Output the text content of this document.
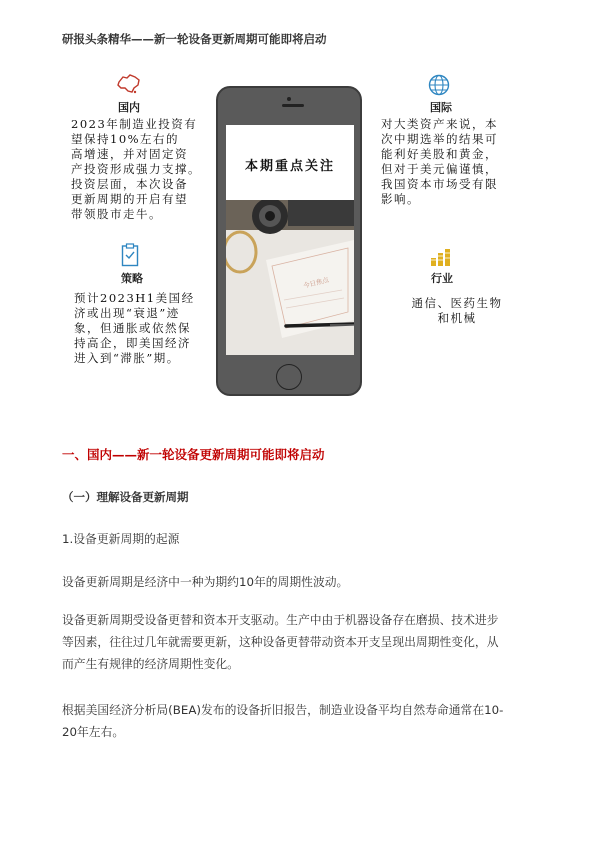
研报头条精华——新一轮设备更新周期可能即将启动
国内
2023年制造业投资有
望保持10%左右的
高增速，并对固定资
产投资形成强力支撑。
投资层面，本次设备
更新周期的开启有望
带领股市走牛。
国际
对大类资产来说，本
次中期选举的结果可
能利好美股和黄金，
但对于美元偏谨慎，
我国资本市场受有限
影响。
策略
预计2023H1美国经
济或出现“衰退”迹
象，但通胀或依然保
持高企，即美国经济
进入到“滞胀”期。
行业
通信、医药生物
和机械
本期重点关注
今日焦点
一、国内——新一轮设备更新周期可能即将启动
（一）理解设备更新周期
1.设备更新周期的起源
设备更新周期是经济中一种为期约10年的周期性波动。
设备更新周期受设备更替和资本开支驱动。生产中由于机器设备存在磨损、技术进步
等因素，往往过几年就需要更新，这种设备更替带动资本开支呈现出周期性变化，从
而产生有规律的经济周期性变化。
根据美国经济分析局(BEA)发布的设备折旧报告，制造业设备平均自然寿命通常在10-
20年左右。
